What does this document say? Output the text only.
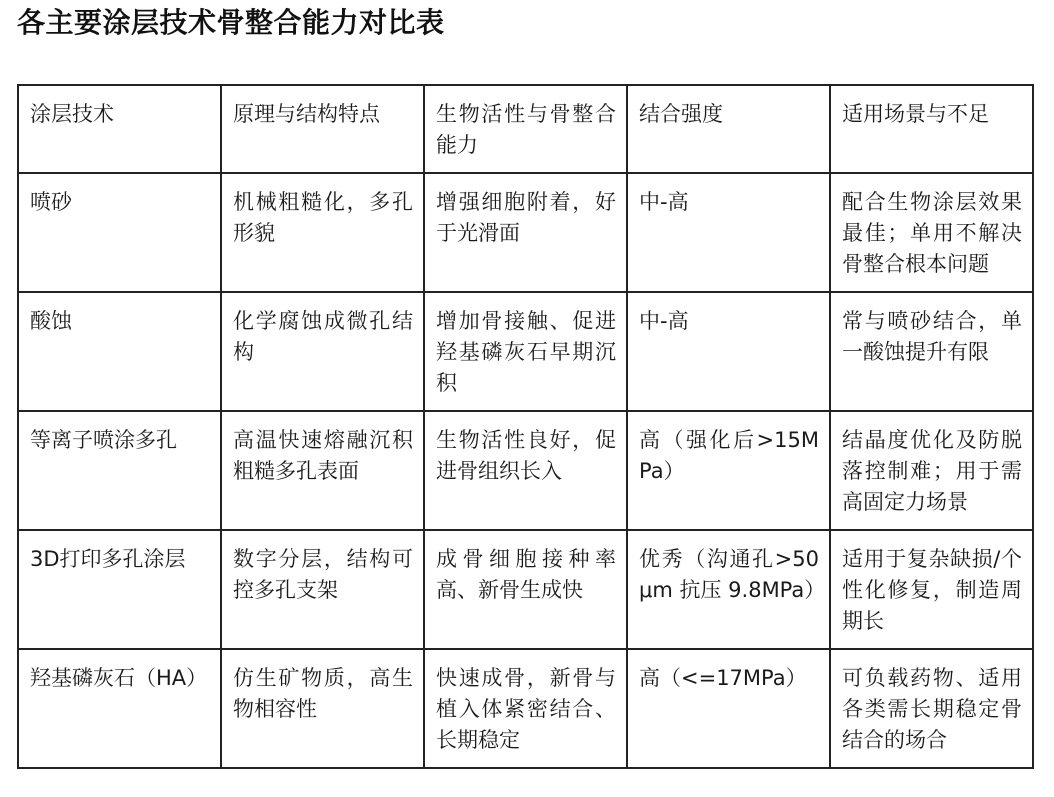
各主要涂层技术骨整合能力对比表
涂层技术	原理与结构特点	生物活性与骨整合能力	结合强度	适用场景与不足
喷砂	机械粗糙化，多孔形貌	增强细胞附着，好于光滑面	中-高	配合生物涂层效果最佳；单用不解决骨整合根本问题
酸蚀	化学腐蚀成微孔结构	增加骨接触、促进羟基磷灰石早期沉积	中-高	常与喷砂结合，单一酸蚀提升有限
等离子喷涂多孔	高温快速熔融沉积粗糙多孔表面	生物活性良好，促进骨组织长入	高（强化后>15MPa）	结晶度优化及防脱落控制难；用于需高固定力场景
3D打印多孔涂层	数字分层，结构可控多孔支架	成骨细胞接种率高、新骨生成快	优秀（沟通孔>50μm 抗压 9.8MPa）	适用于复杂缺损/个性化修复，制造周期长
羟基磷灰石（HA）	仿生矿物质，高生物相容性	快速成骨，新骨与植入体紧密结合、长期稳定	高（<=17MPa）	可负载药物、适用各类需长期稳定骨结合的场合
